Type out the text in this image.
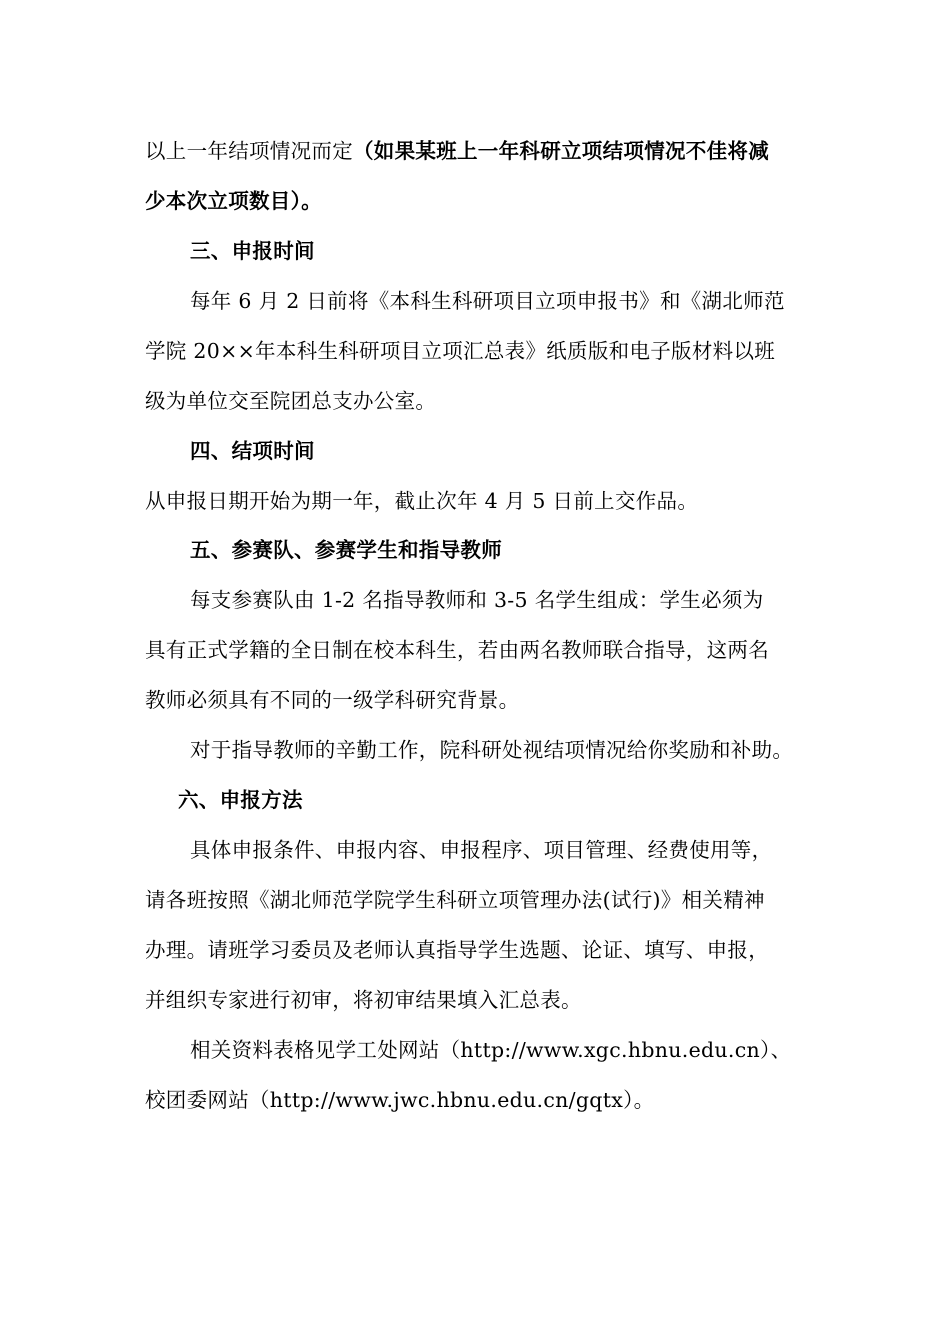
以上一年结项情况而定（如果某班上一年科研立项结项情况不佳将减
少本次立项数目）。
三、申报时间
每年 6 月 2 日前将《本科生科研项目立项申报书》和《湖北师范
学院 20××年本科生科研项目立项汇总表》纸质版和电子版材料以班
级为单位交至院团总支办公室。
四、结项时间
从申报日期开始为期一年，截止次年 4 月 5 日前上交作品。
五、参赛队、参赛学生和指导教师
每支参赛队由 1-2 名指导教师和 3-5 名学生组成：学生必须为
具有正式学籍的全日制在校本科生，若由两名教师联合指导，这两名
教师必须具有不同的一级学科研究背景。
对于指导教师的辛勤工作，院科研处视结项情况给你奖励和补助。
六、申报方法
具体申报条件、申报内容、申报程序、项目管理、经费使用等，
请各班按照《湖北师范学院学生科研立项管理办法(试行)》相关精神
办理。请班学习委员及老师认真指导学生选题、论证、填写、申报，
并组织专家进行初审，将初审结果填入汇总表。
相关资料表格见学工处网站（http://www.xgc.hbnu.edu.cn）、
校团委网站（http://www.jwc.hbnu.edu.cn/gqtx）。
